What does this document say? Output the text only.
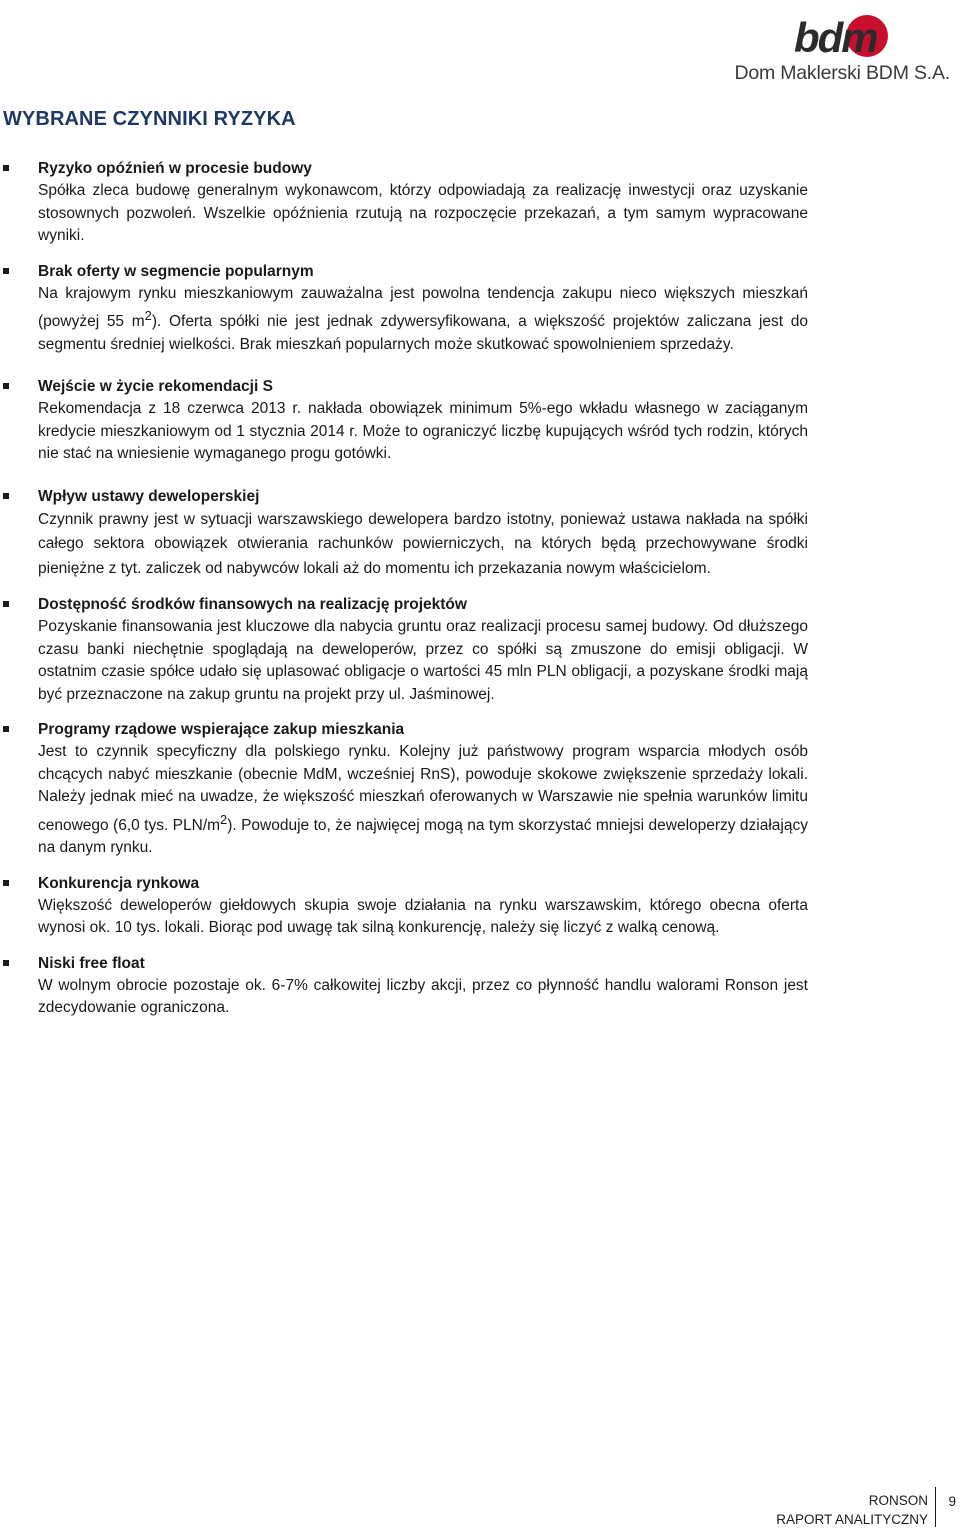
bdm
Dom Maklerski BDM S.A.
WYBRANE CZYNNIKI RYZYKA

Ryzyko opóźnień w procesie budowy

Spółka zleca budowę generalnym wykonawcom, którzy odpowiadają za realizację inwestycji oraz uzyskanie stosownych pozwoleń. Wszelkie opóźnienia rzutują na rozpoczęcie przekazań, a tym samym wypracowane wyniki.

Brak oferty w segmencie popularnym

Na krajowym rynku mieszkaniowym zauważalna jest powolna tendencja zakupu nieco większych mieszkań (powyżej 55 $m^2$). Oferta spółki nie jest jednak zdywersyfikowana, a większość projektów zaliczana jest do segmentu średniej wielkości. Brak mieszkań popularnych może skutkować spowolnieniem sprzedaży.

Wejście w życie rekomendacji S

Rekomendacja z 18 czerwca 2013 r. nakłada obowiązek minimum 5%-ego wkładu własnego w zaciąganym kredycie mieszkaniowym od 1 stycznia 2014 r. Może to ograniczyć liczbę kupujących wśród tych rodzin, których nie stać na wniesienie wymaganego progu gotówki.

Wpływ ustawy deweloperskiej

Czynnik prawny jest w sytuacji warszawskiego dewelopera bardzo istotny, ponieważ ustawa nakłada na spółki całego sektora obowiązek otwierania rachunków powierniczych, na których będą przechowywane środki pieniężne z tyt. zaliczek od nabywców lokali aż do momentu ich przekazania nowym właścicielom.

Dostępność środków finansowych na realizację projektów

Pozyskanie finansowania jest kluczowe dla nabycia gruntu oraz realizacji procesu samej budowy. Od dłuższego czasu banki niechętnie spoglądają na deweloperów, przez co spółki są zmuszone do emisji obligacji. W ostatnim czasie spółce udało się uplasować obligacje o wartości 45 mln PLN obligacji, a pozyskane środki mają być przeznaczone na zakup gruntu na projekt przy ul. Jaśminowej.

Programy rządowe wspierające zakup mieszkania

Jest to czynnik specyficzny dla polskiego rynku. Kolejny już państwowy program wsparcia młodych osób chcących nabyć mieszkanie (obecnie MdM, wcześniej RnS), powoduje skokowe zwiększenie sprzedaży lokali. Należy jednak mieć na uwadze, że większość mieszkań oferowanych w Warszawie nie spełnia warunków limitu cenowego (6,0 tys. PLN/$m^2$). Powoduje to, że najwięcej mogą na tym skorzystać mniejsi deweloperzy działający na danym rynku.

Konkurencja rynkowa

Większość deweloperów giełdowych skupia swoje działania na rynku warszawskim, którego obecna oferta wynosi ok. 10 tys. lokali. Biorąc pod uwagę tak silną konkurencję, należy się liczyć z walką cenową.

Niski free float

W wolnym obrocie pozostaje ok. 6-7% całkowitej liczby akcji, przez co płynność handlu walorami Ronson jest zdecydowanie ograniczona.

RONSON
RAPORT ANALITYCZNY
9
